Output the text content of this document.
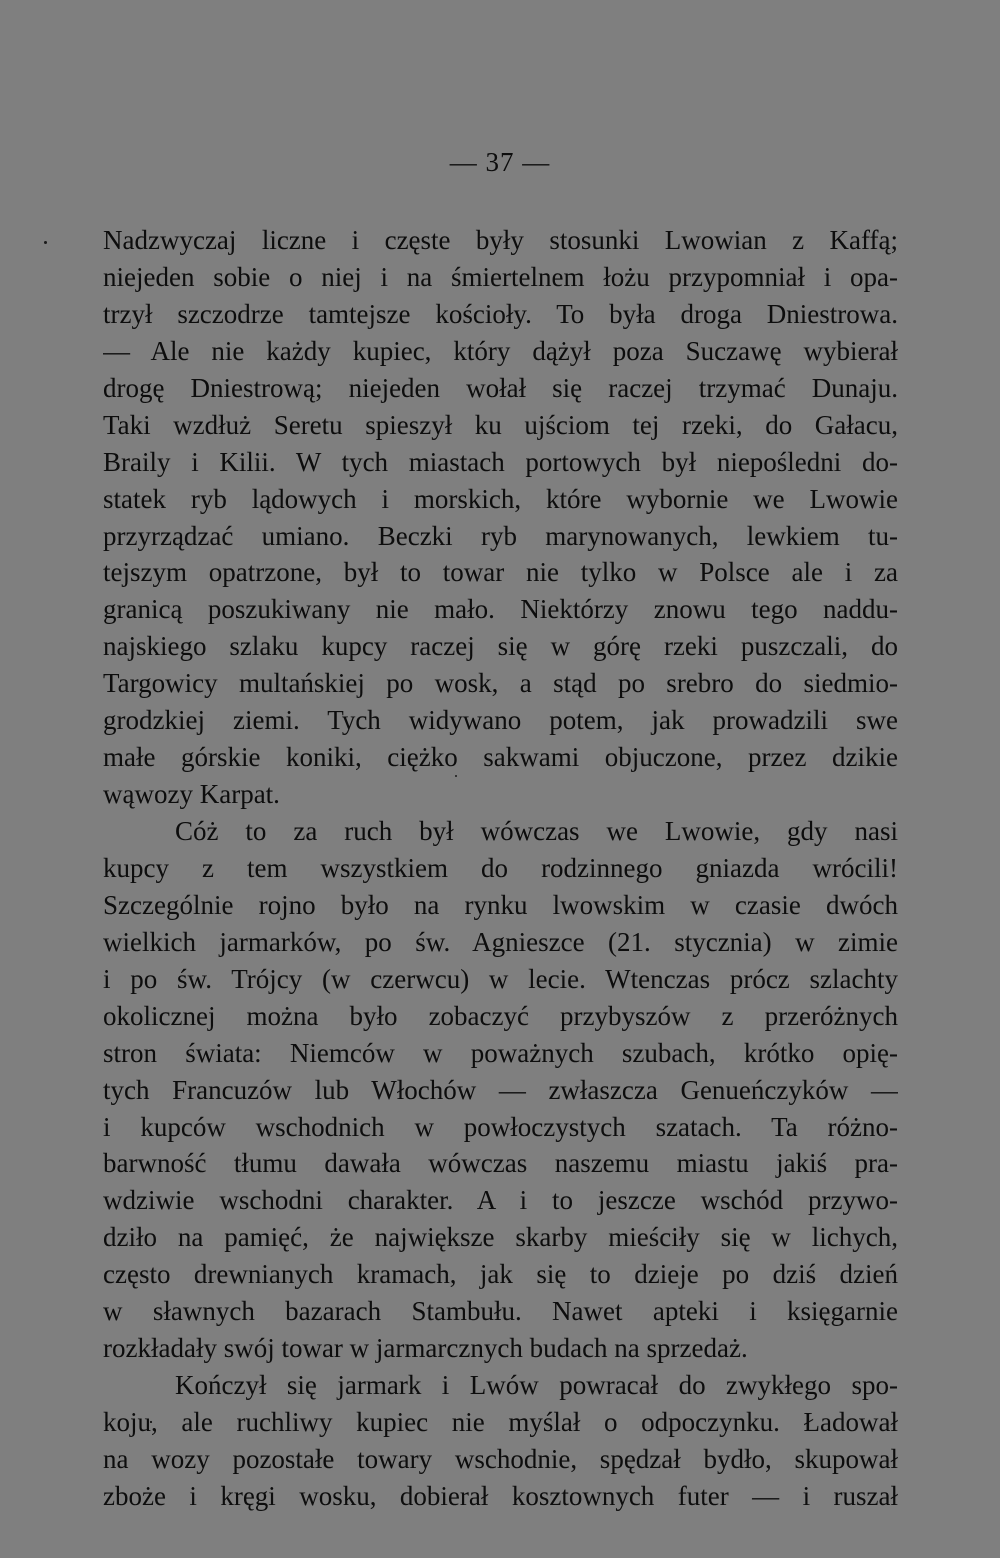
— 37 —
Nadzwyczaj liczne i częste były stosunki Lwowian z Kaffą;
niejeden sobie o niej i na śmiertelnem łożu przypomniał i opa-
trzył szczodrze tamtejsze kościoły. To była droga Dniestrowa.
— Ale nie każdy kupiec, który dążył poza Suczawę wybierał
drogę Dniestrową; niejeden wołał się raczej trzymać Dunaju.
Taki wzdłuż Seretu spieszył ku ujściom tej rzeki, do Gałacu,
Brailу i Kilii. W tych miastach portowych był niepośledni do-
statek ryb lądowych i morskich, które wybornie we Lwowie
przyrządzać umiano. Beczki ryb marynowanych, lewkiem tu-
tejszym opatrzone, był to towar nie tylko w Polsce ale i za
granicą poszukiwany nie mało. Niektórzy znowu tego naddu-
najskiego szlaku kupcy raczej się w górę rzeki puszczali, do
Targowicy multańskiej po wosk, a stąd po srebro do siedmio-
grodzkiej ziemi. Tych widywano potem, jak prowadzili swe
małe górskie koniki, ciężko sakwami objuczone, przez dzikie
wąwozy Karpat.
Cóż to za ruch był wówczas we Lwowie, gdy nasi
kupcy z tem wszystkiem do rodzinnego gniazda wrócili!
Szczególnie rojno było na rynku lwowskim w czasie dwóch
wielkich jarmarków, po św. Agnieszce (21. stycznia) w zimie
i po św. Trójcy (w czerwcu) w lecie. Wtenczas prócz szlachty
okolicznej można było zobaczyć przybyszów z przeróżnych
stron świata: Niemców w poważnych szubach, krótko opię-
tych Francuzów lub Włochów — zwłaszcza Genueńczyków —
i kupców wschodnich w powłoczystych szatach. Ta różno-
barwność tłumu dawała wówczas naszemu miastu jakiś pra-
wdziwie wschodni charakter. A i to jeszcze wschód przywo-
dziło na pamięć, że największe skarby mieściły się w lichych,
często drewnianych kramach, jak się to dzieje po dziś dzień
w sławnych bazarach Stambułu. Nawet apteki i księgarnie
rozkładały swój towar w jarmarcznych budach na sprzedaż.
Kończył się jarmark i Lwów powracał do zwykłego spo-
kojuּ, ale ruchliwy kupiec nie myślał o odpoczynku. Ładował
na wozy pozostałe towary wschodnie, spędzał bydło, skupował
zboże i kręgi wosku, dobierał kosztownych futer — i ruszał
